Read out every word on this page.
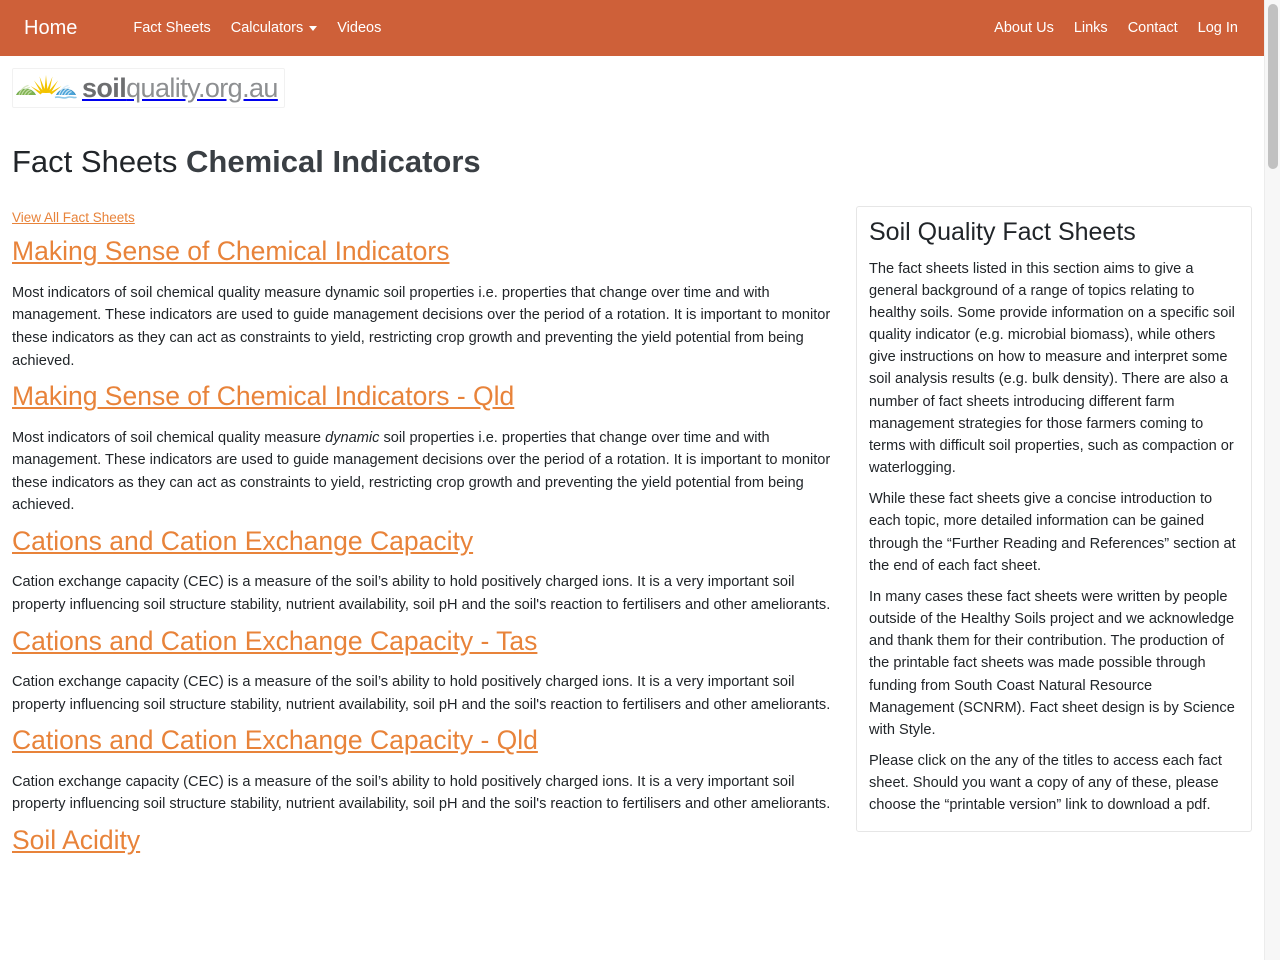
Home	Fact Sheets Calculators Videos	About Us	Links	Contact	Log In
soilquality.org.au
Fact Sheets Chemical Indicators
View All Fact Sheets
Making Sense of Chemical Indicators

Most indicators of soil chemical quality measure dynamic soil properties i.e. properties that change over time and with management. These indicators are used to guide management decisions over the period of a rotation. It is important to monitor these indicators as they can act as constraints to yield, restricting crop growth and preventing the yield potential from being achieved.

Making Sense of Chemical Indicators - Qld

Most indicators of soil chemical quality measure dynamic soil properties i.e. properties that change over time and with management. These indicators are used to guide management decisions over the period of a rotation. It is important to monitor these indicators as they can act as constraints to yield, restricting crop growth and preventing the yield potential from being achieved.

Cations and Cation Exchange Capacity

Cation exchange capacity (CEC) is a measure of the soil’s ability to hold positively charged ions. It is a very important soil property influencing soil structure stability, nutrient availability, soil pH and the soil's reaction to fertilisers and other ameliorants.

Cations and Cation Exchange Capacity - Tas

Cation exchange capacity (CEC) is a measure of the soil’s ability to hold positively charged ions. It is a very important soil property influencing soil structure stability, nutrient availability, soil pH and the soil's reaction to fertilisers and other ameliorants.

Cations and Cation Exchange Capacity - Qld

Cation exchange capacity (CEC) is a measure of the soil’s ability to hold positively charged ions. It is a very important soil property influencing soil structure stability, nutrient availability, soil pH and the soil's reaction to fertilisers and other ameliorants.

Soil Acidity
Soil Quality Fact Sheets

The fact sheets listed in this section aims to give a general background of a range of topics relating to healthy soils. Some provide information on a specific soil quality indicator (e.g. microbial biomass), while others give instructions on how to measure and interpret some soil analysis results (e.g. bulk density). There are also a number of fact sheets introducing different farm management strategies for those farmers coming to terms with difficult soil properties, such as compaction or waterlogging.

While these fact sheets give a concise introduction to each topic, more detailed information can be gained through the “Further Reading and References” section at the end of each fact sheet.

In many cases these fact sheets were written by people outside of the Healthy Soils project and we acknowledge and thank them for their contribution. The production of the printable fact sheets was made possible through funding from South Coast Natural Resource Management (SCNRM). Fact sheet design is by Science with Style.

Please click on the any of the titles to access each fact sheet. Should you want a copy of any of these, please choose the “printable version” link to download a pdf.
